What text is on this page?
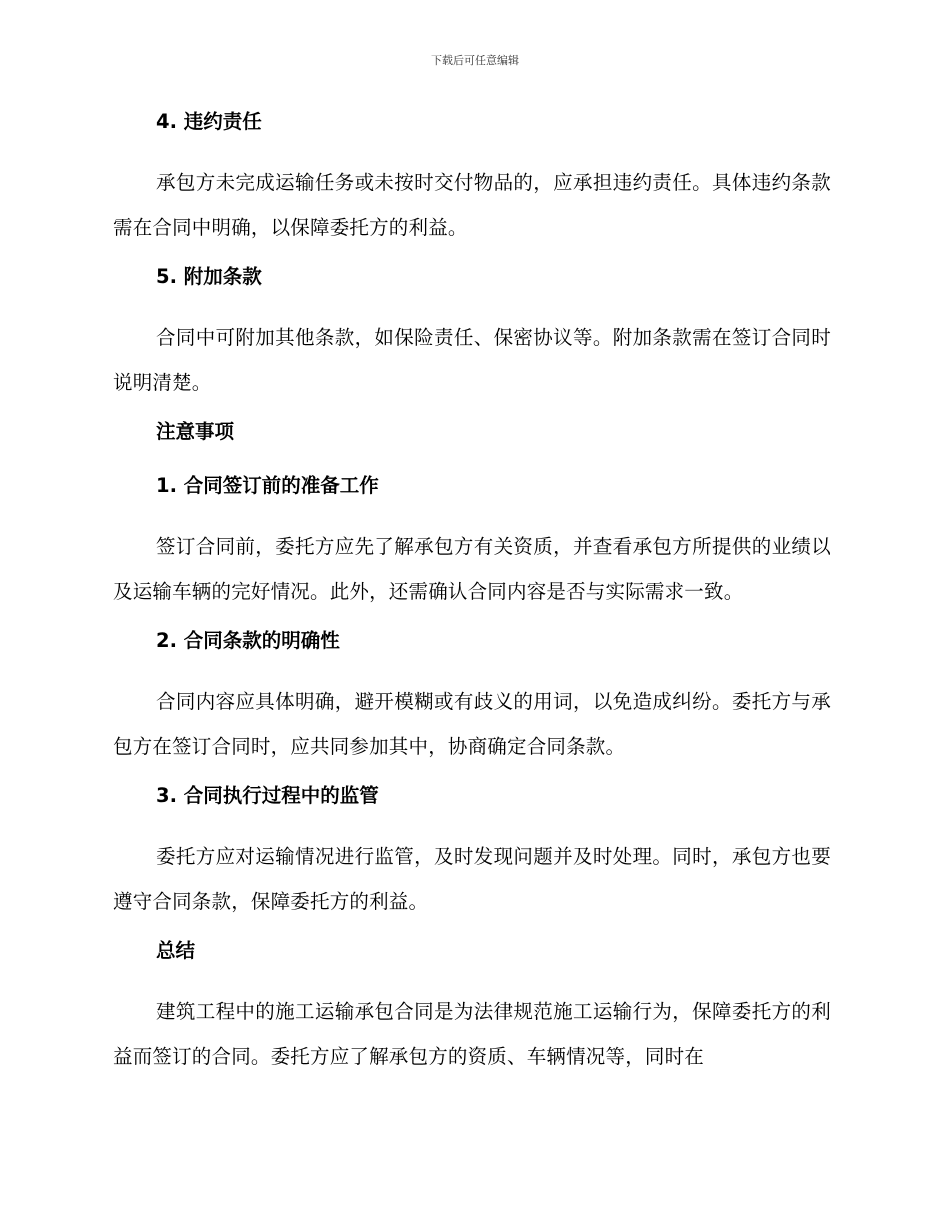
下载后可任意编辑
4. 违约责任
承包方未完成运输任务或未按时交付物品的，应承担违约责任。具体违约条款需在合同中明确，以保障委托方的利益。
5. 附加条款
合同中可附加其他条款，如保险责任、保密协议等。附加条款需在签订合同时说明清楚。
注意事项
1. 合同签订前的准备工作
签订合同前，委托方应先了解承包方有关资质，并查看承包方所提供的业绩以及运输车辆的完好情况。此外，还需确认合同内容是否与实际需求一致。
2. 合同条款的明确性
合同内容应具体明确，避开模糊或有歧义的用词，以免造成纠纷。委托方与承包方在签订合同时，应共同参加其中，协商确定合同条款。
3. 合同执行过程中的监管
委托方应对运输情况进行监管，及时发现问题并及时处理。同时，承包方也要遵守合同条款，保障委托方的利益。
总结
建筑工程中的施工运输承包合同是为法律规范施工运输行为，保障委托方的利益而签订的合同。委托方应了解承包方的资质、车辆情况等，同时在
